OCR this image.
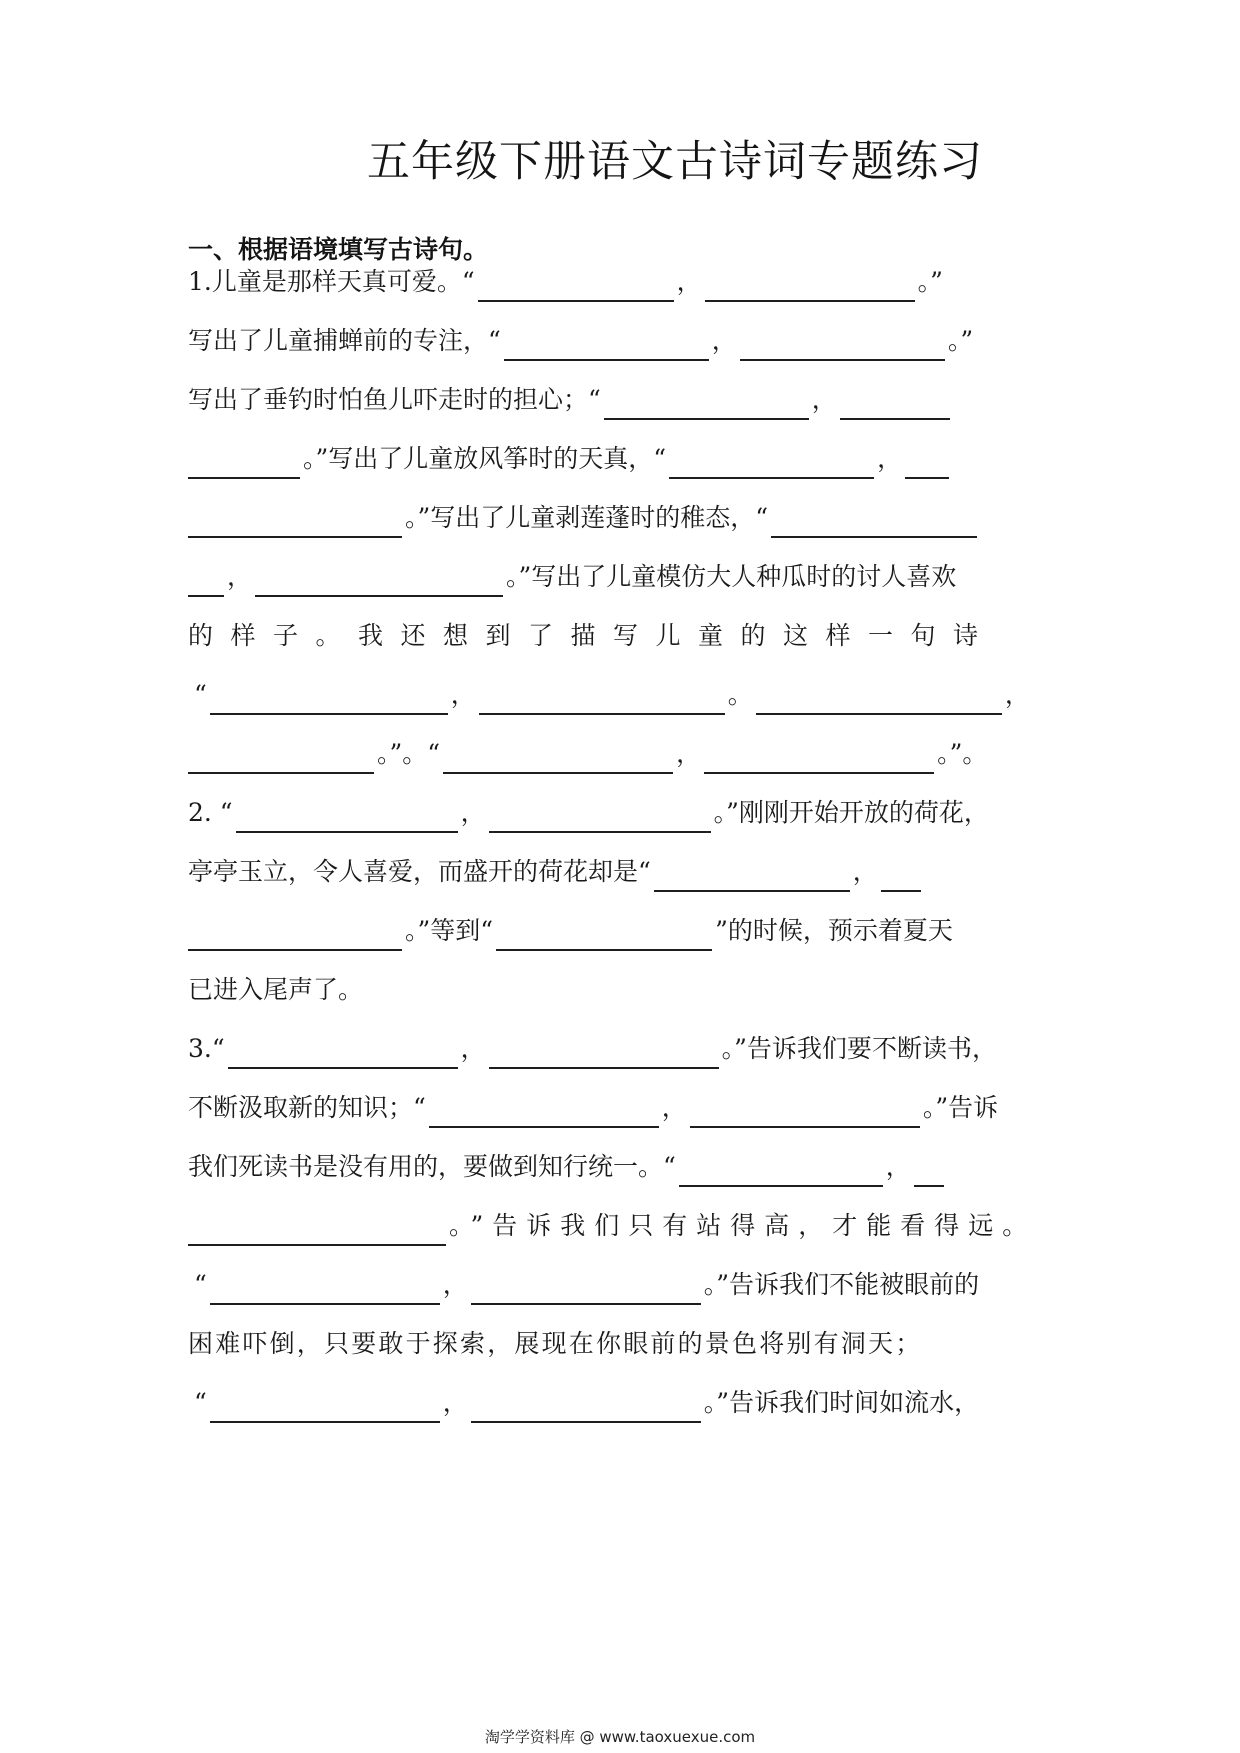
五年级下册语文古诗词专题练习
一、根据语境填写古诗句。
1.儿童是那样天真可爱。“	，	。”
写出了儿童捕蝉前的专注，“	，	。”
写出了垂钓时怕鱼儿吓走时的担心；“	，
。”写出了儿童放风筝时的天真，“	，
。”写出了儿童剥莲蓬时的稚态，“
，	。”写出了儿童模仿大人种瓜时的讨人喜欢
的样子。我还想到了描写儿童的这样一句诗
“	，	。	，
。”。“	，	。”。
2. “	，	。”刚刚开始开放的荷花，
亭亭玉立，令人喜爱，而盛开的荷花却是“	，
。”等到“	”的时候，预示着夏天
已进入尾声了。
3.“	，	。”告诉我们要不断读书，
不断汲取新的知识；“	，	。”告诉
我们死读书是没有用的，要做到知行统一。“	，
。”告诉我们只有站得高，才能看得远。
“	，	。”告诉我们不能被眼前的
困难吓倒，只要敢于探索，展现在你眼前的景色将别有洞天；
“	，	。”告诉我们时间如流水，
淘学学资料库 @ www.taoxuexue.com
